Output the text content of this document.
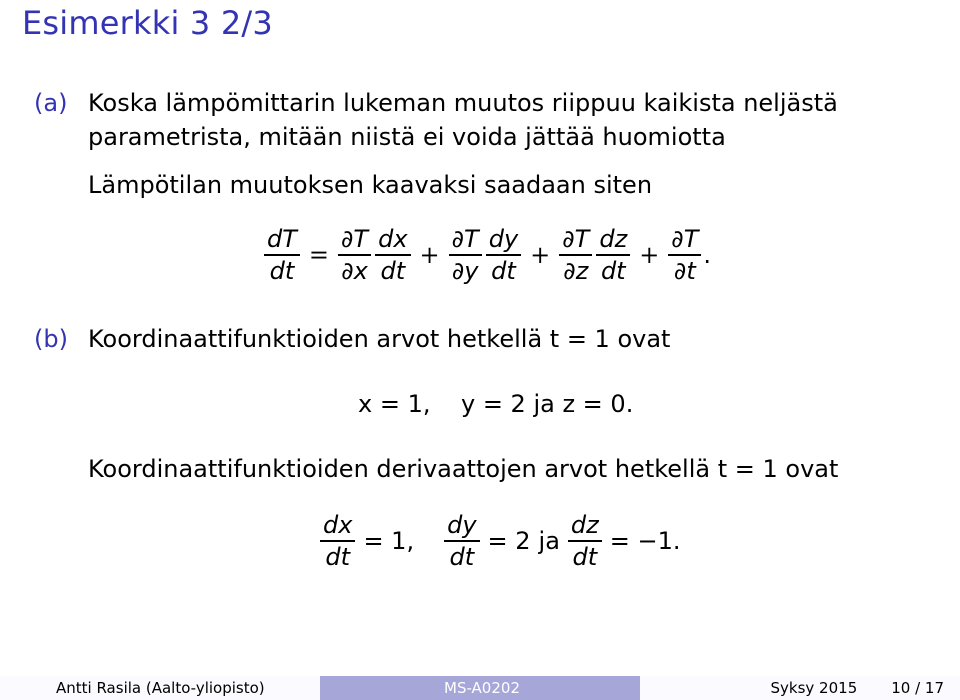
Esimerkki 3 2/3
(a) Koska lämpömittarin lukeman muutos riippuu kaikista neljästä
parametrista, mitään niistä ei voida jättää huomiotta
Lämpötilan muutoksen kaavaksi saadaan siten
$\frac{dT}{dt} = \frac{\partial T}{\partial x} \frac{dx}{dt} + \frac{\partial T}{\partial y} \frac{dy}{dt} + \frac{\partial T}{\partial z} \frac{dz}{dt} + \frac{\partial T}{\partial t}$ .
(b) Koordinaattifunktioiden arvot hetkellä t = 1 ovat
x = 1,    y = 2 ja z = 0.
Koordinaattifunktioiden derivaattojen arvot hetkellä t = 1 ovat
$\frac{dx}{dt} = 1$, $\frac{dy}{dt} = 2$ ja $\frac{dz}{dt} = -1$.
Antti Rasila (Aalto-yliopisto)	MS-A0202	Syksy 2015 10 / 17
